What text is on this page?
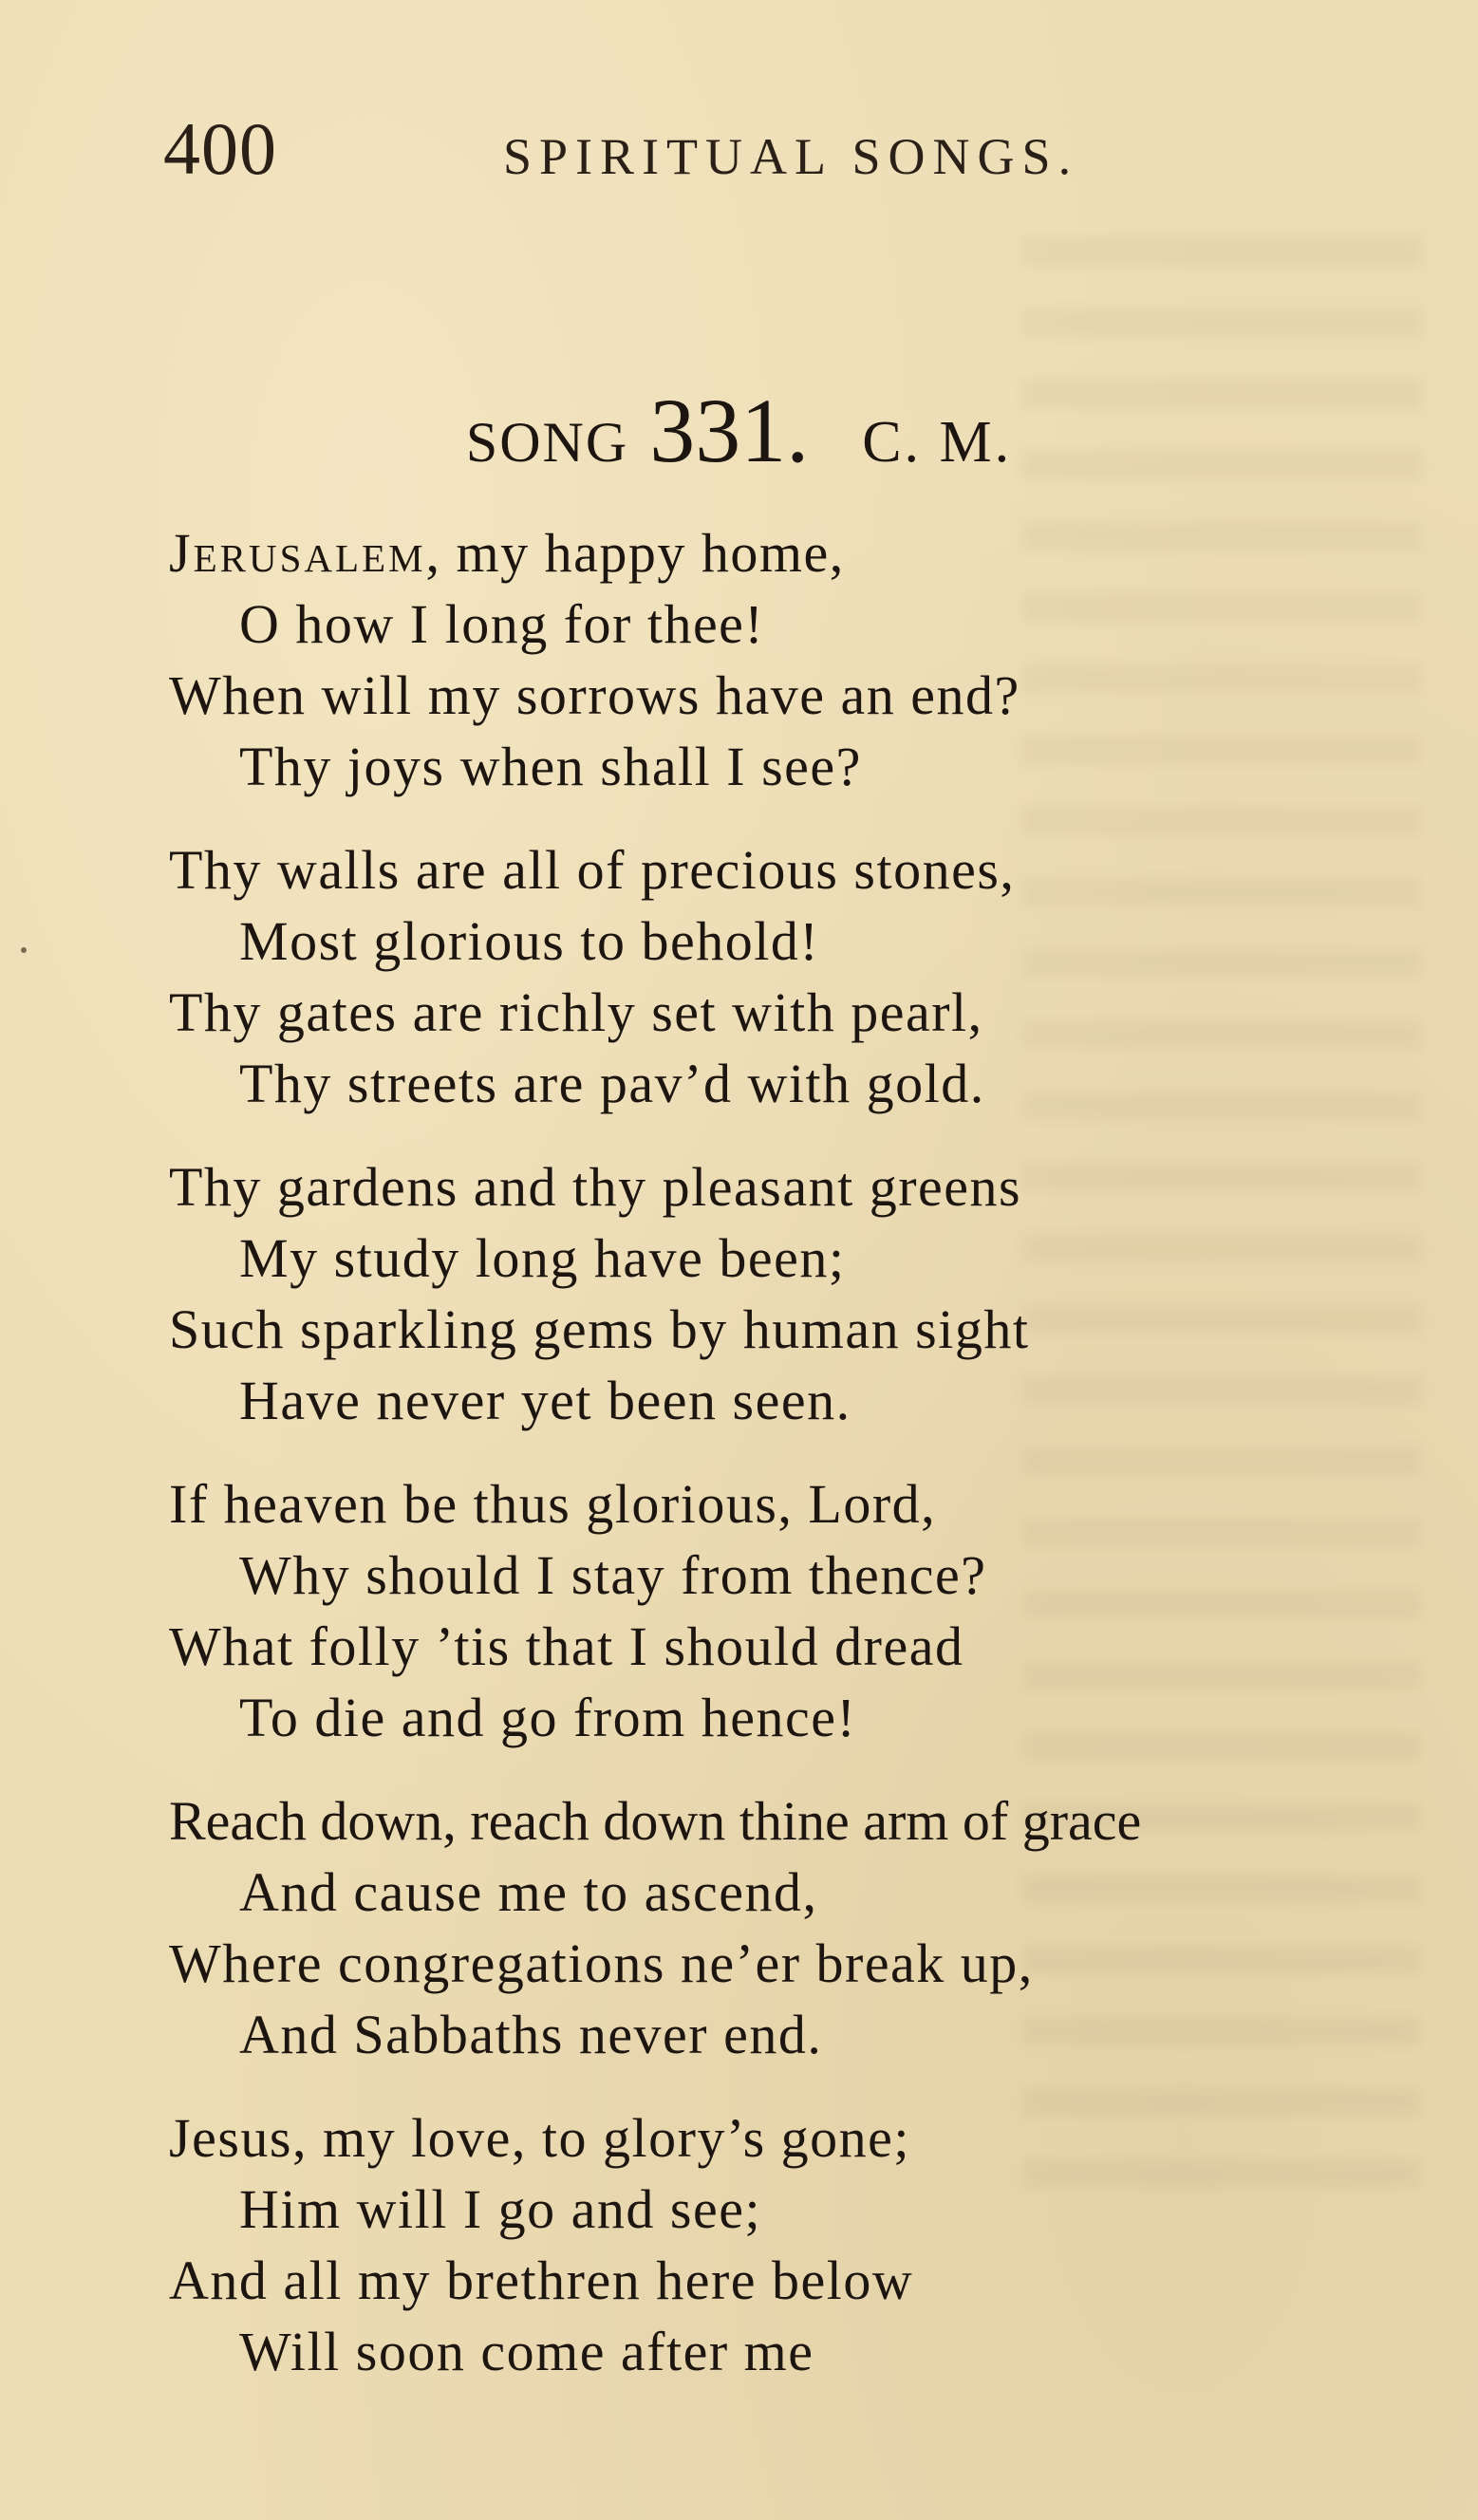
400	SPIRITUAL SONGS.
SONG 331. C. M.
Jerusalem, my happy home,
O how I long for thee!
When will my sorrows have an end?
Thy joys when shall I see?
Thy walls are all of precious stones,
Most glorious to behold!
Thy gates are richly set with pearl,
Thy streets are pav’d with gold.
Thy gardens and thy pleasant greens
My study long have been;
Such sparkling gems by human sight
Have never yet been seen.
If heaven be thus glorious, Lord,
Why should I stay from thence?
What folly ’tis that I should dread
To die and go from hence!
Reach down, reach down thine arm of grace
And cause me to ascend,
Where congregations ne’er break up,
And Sabbaths never end.
Jesus, my love, to glory’s gone;
Him will I go and see;
And all my brethren here below
Will soon come after me
